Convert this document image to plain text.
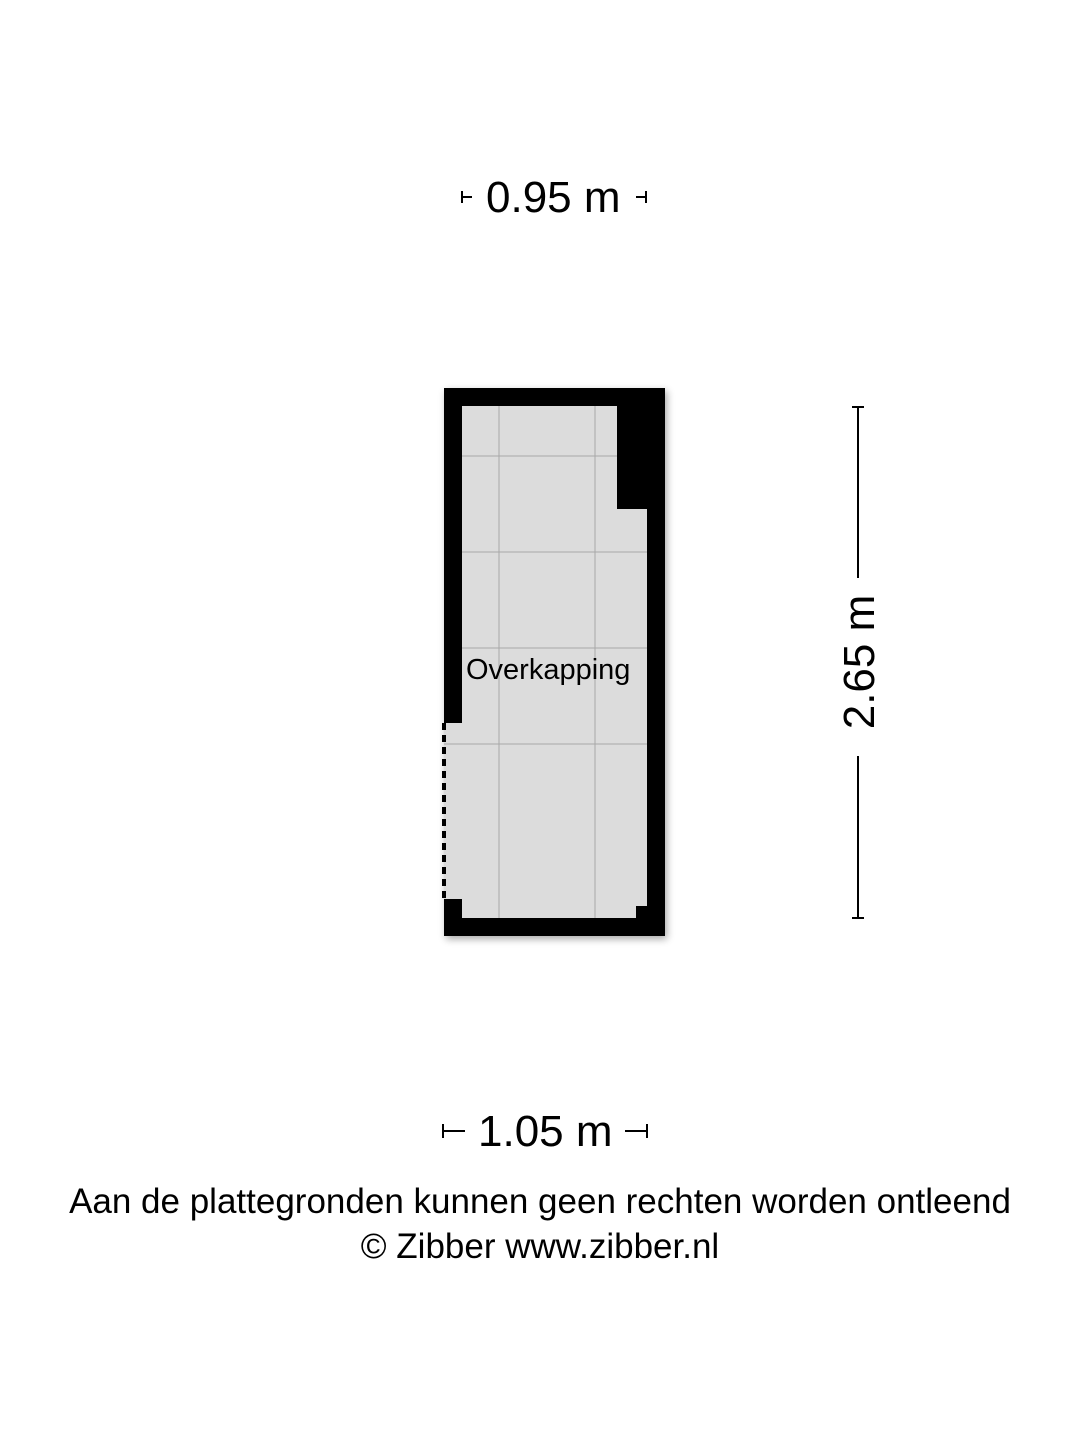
0.95 m
1.05 m
2.65 m
Overkapping
Aan de plattegronden kunnen geen rechten worden ontleend
© Zibber www.zibber.nl
